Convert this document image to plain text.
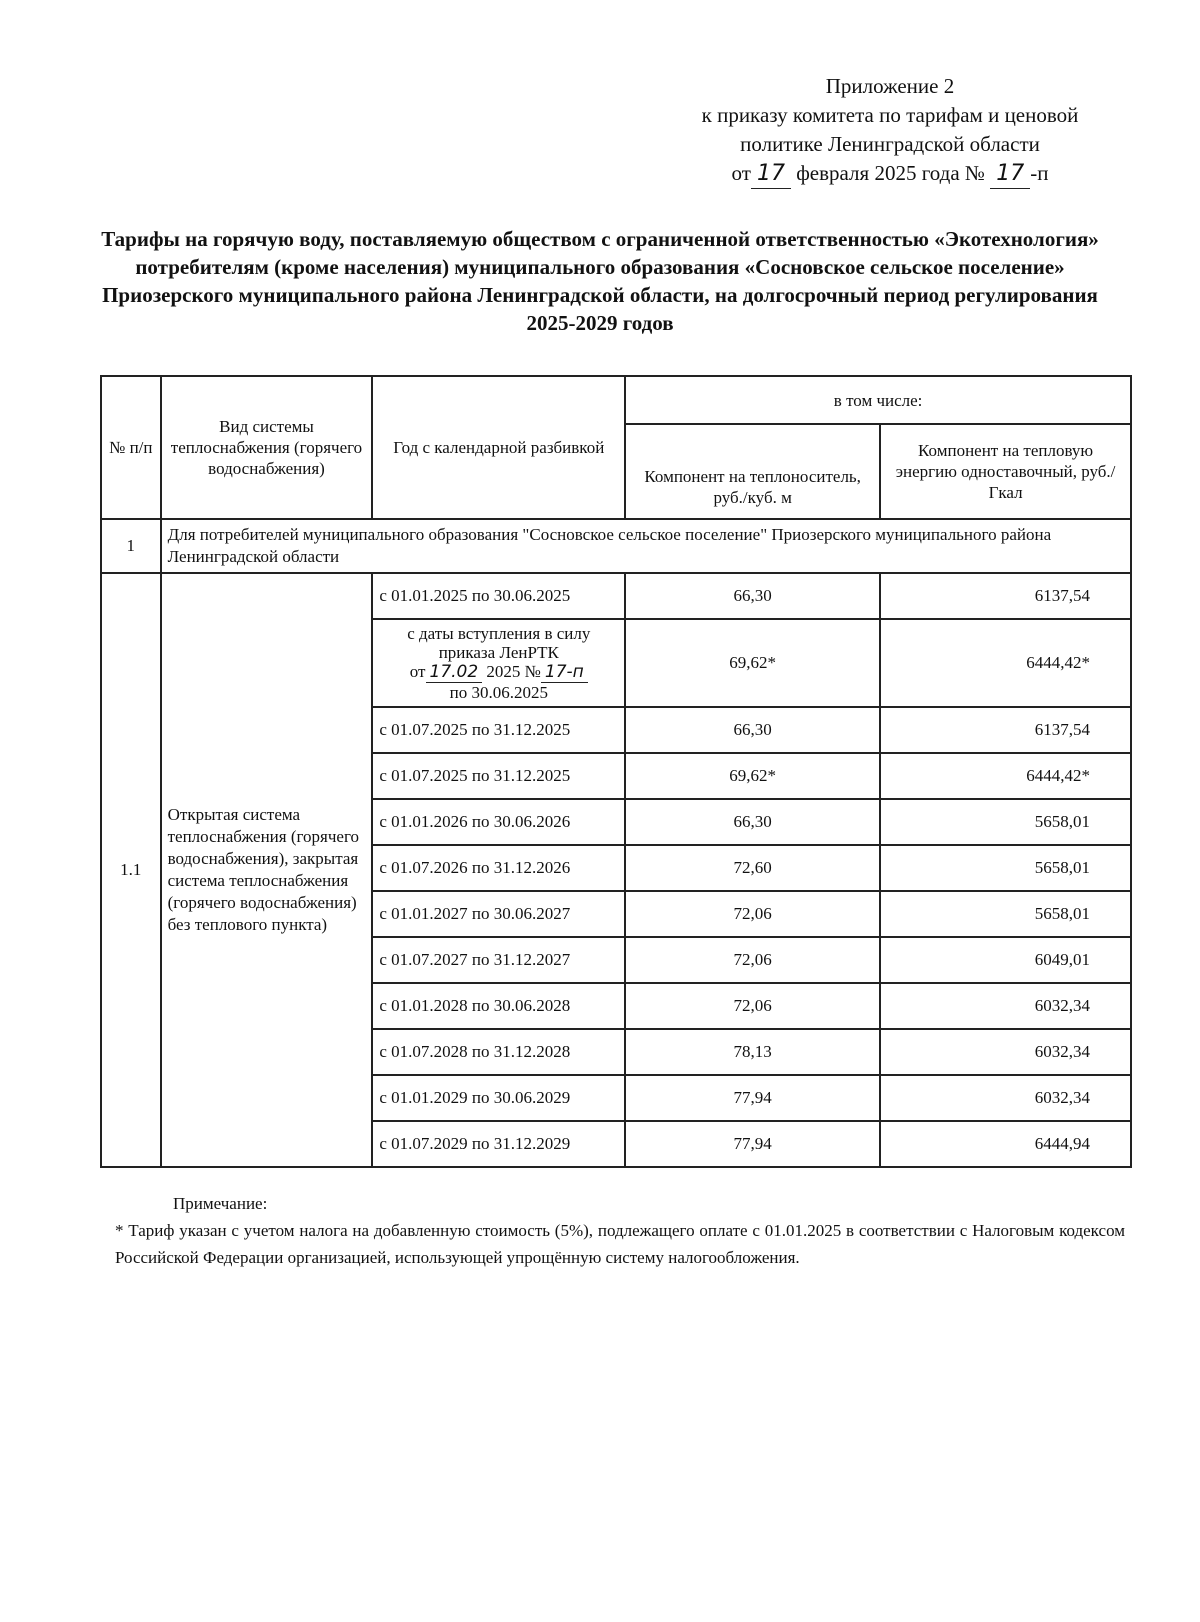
Приложение 2
к приказу комитета по тарифам и ценовой
политике Ленинградской области
от 17 февраля 2025 года № 17 -п
Тарифы на горячую воду, поставляемую обществом с ограниченной ответственностью «Экотехнология» потребителям (кроме населения) муниципального образования «Сосновское сельское поселение» Приозерского муниципального района Ленинградской области, на долгосрочный период регулирования 2025-2029 годов
№ п/п	Вид системы теплоснабжения (горячего водоснабжения)	Год с календарной разбивкой	в том числе:	
			Компонент на теплоноситель, руб./куб. м	Компонент на тепловую энергию одноставочный, руб./Гкал
1	Для потребителей муниципального образования "Сосновское сельское поселение" Приозерского муниципального района Ленинградской области			
1.1	Открытая система теплоснабжения (горячего водоснабжения), закрытая система теплоснабжения (горячего водоснабжения) без теплового пункта)	с 01.01.2025 по 30.06.2025	66,30	6137,54

		с даты вступления в силу
приказа ЛенРТК
от 17.02 2025 № 17-п
по 30.06.2025	69,62*	6444,42*
		с 01.07.2025 по 31.12.2025	66,30	6137,54
		с 01.07.2025 по 31.12.2025	69,62*	6444,42*
		с 01.01.2026 по 30.06.2026	66,30	5658,01
		с 01.07.2026 по 31.12.2026	72,60	5658,01
		с 01.01.2027 по 30.06.2027	72,06	5658,01
		с 01.07.2027 по 31.12.2027	72,06	6049,01
		с 01.01.2028 по 30.06.2028	72,06	6032,34
		с 01.07.2028 по 31.12.2028	78,13	6032,34
		с 01.01.2029 по 30.06.2029	77,94	6032,34
		с 01.07.2029 по 31.12.2029	77,94	6444,94
Примечание:
* Тариф указан с учетом налога на добавленную стоимость (5%), подлежащего оплате с 01.01.2025 в соответствии с Налоговым кодексом Российской Федерации организацией, использующей упрощённую систему налогообложения.
